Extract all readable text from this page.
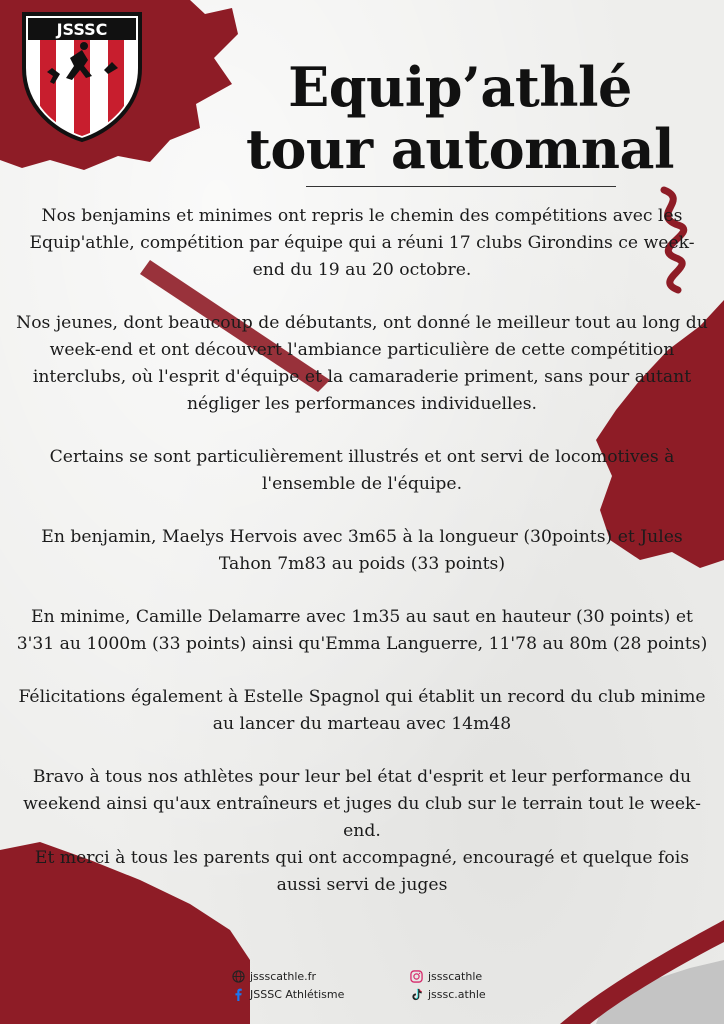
JSSSC
Equip’athlé
tour automnal

Nos benjamins et minimes ont repris le chemin des compétitions avec les Equip'athle, compétition par équipe qui a réuni 17 clubs Girondins ce week-end du 19 au 20 octobre.

Nos jeunes, dont beaucoup de débutants, ont donné le meilleur tout au long du week-end et ont découvert l'ambiance particulière de cette compétition interclubs, où l'esprit d'équipe et la camaraderie priment, sans pour autant négliger les performances individuelles.

Certains se sont particulièrement illustrés et ont servi de locomotives à l'ensemble de l'équipe.

En benjamin, Maelys Hervois avec 3m65 à la longueur (30points) et Jules Tahon 7m83 au poids (33 points)

En minime, Camille Delamarre avec 1m35 au saut en hauteur (30 points) et 3'31 au 1000m (33 points) ainsi qu'Emma Languerre, 11'78 au 80m (28 points)

Félicitations également à Estelle Spagnol qui établit un record du club minime au lancer du marteau avec 14m48

Bravo à tous nos athlètes pour leur bel état d'esprit et leur performance du weekend ainsi qu'aux entraîneurs et juges du club sur le terrain tout le week-end.

Et merci à tous les parents qui ont accompagné, encouragé et quelque fois aussi servi de juges

jssscathle.fr
JSSSC Athlétisme
jssscathle
jsssc.athle
